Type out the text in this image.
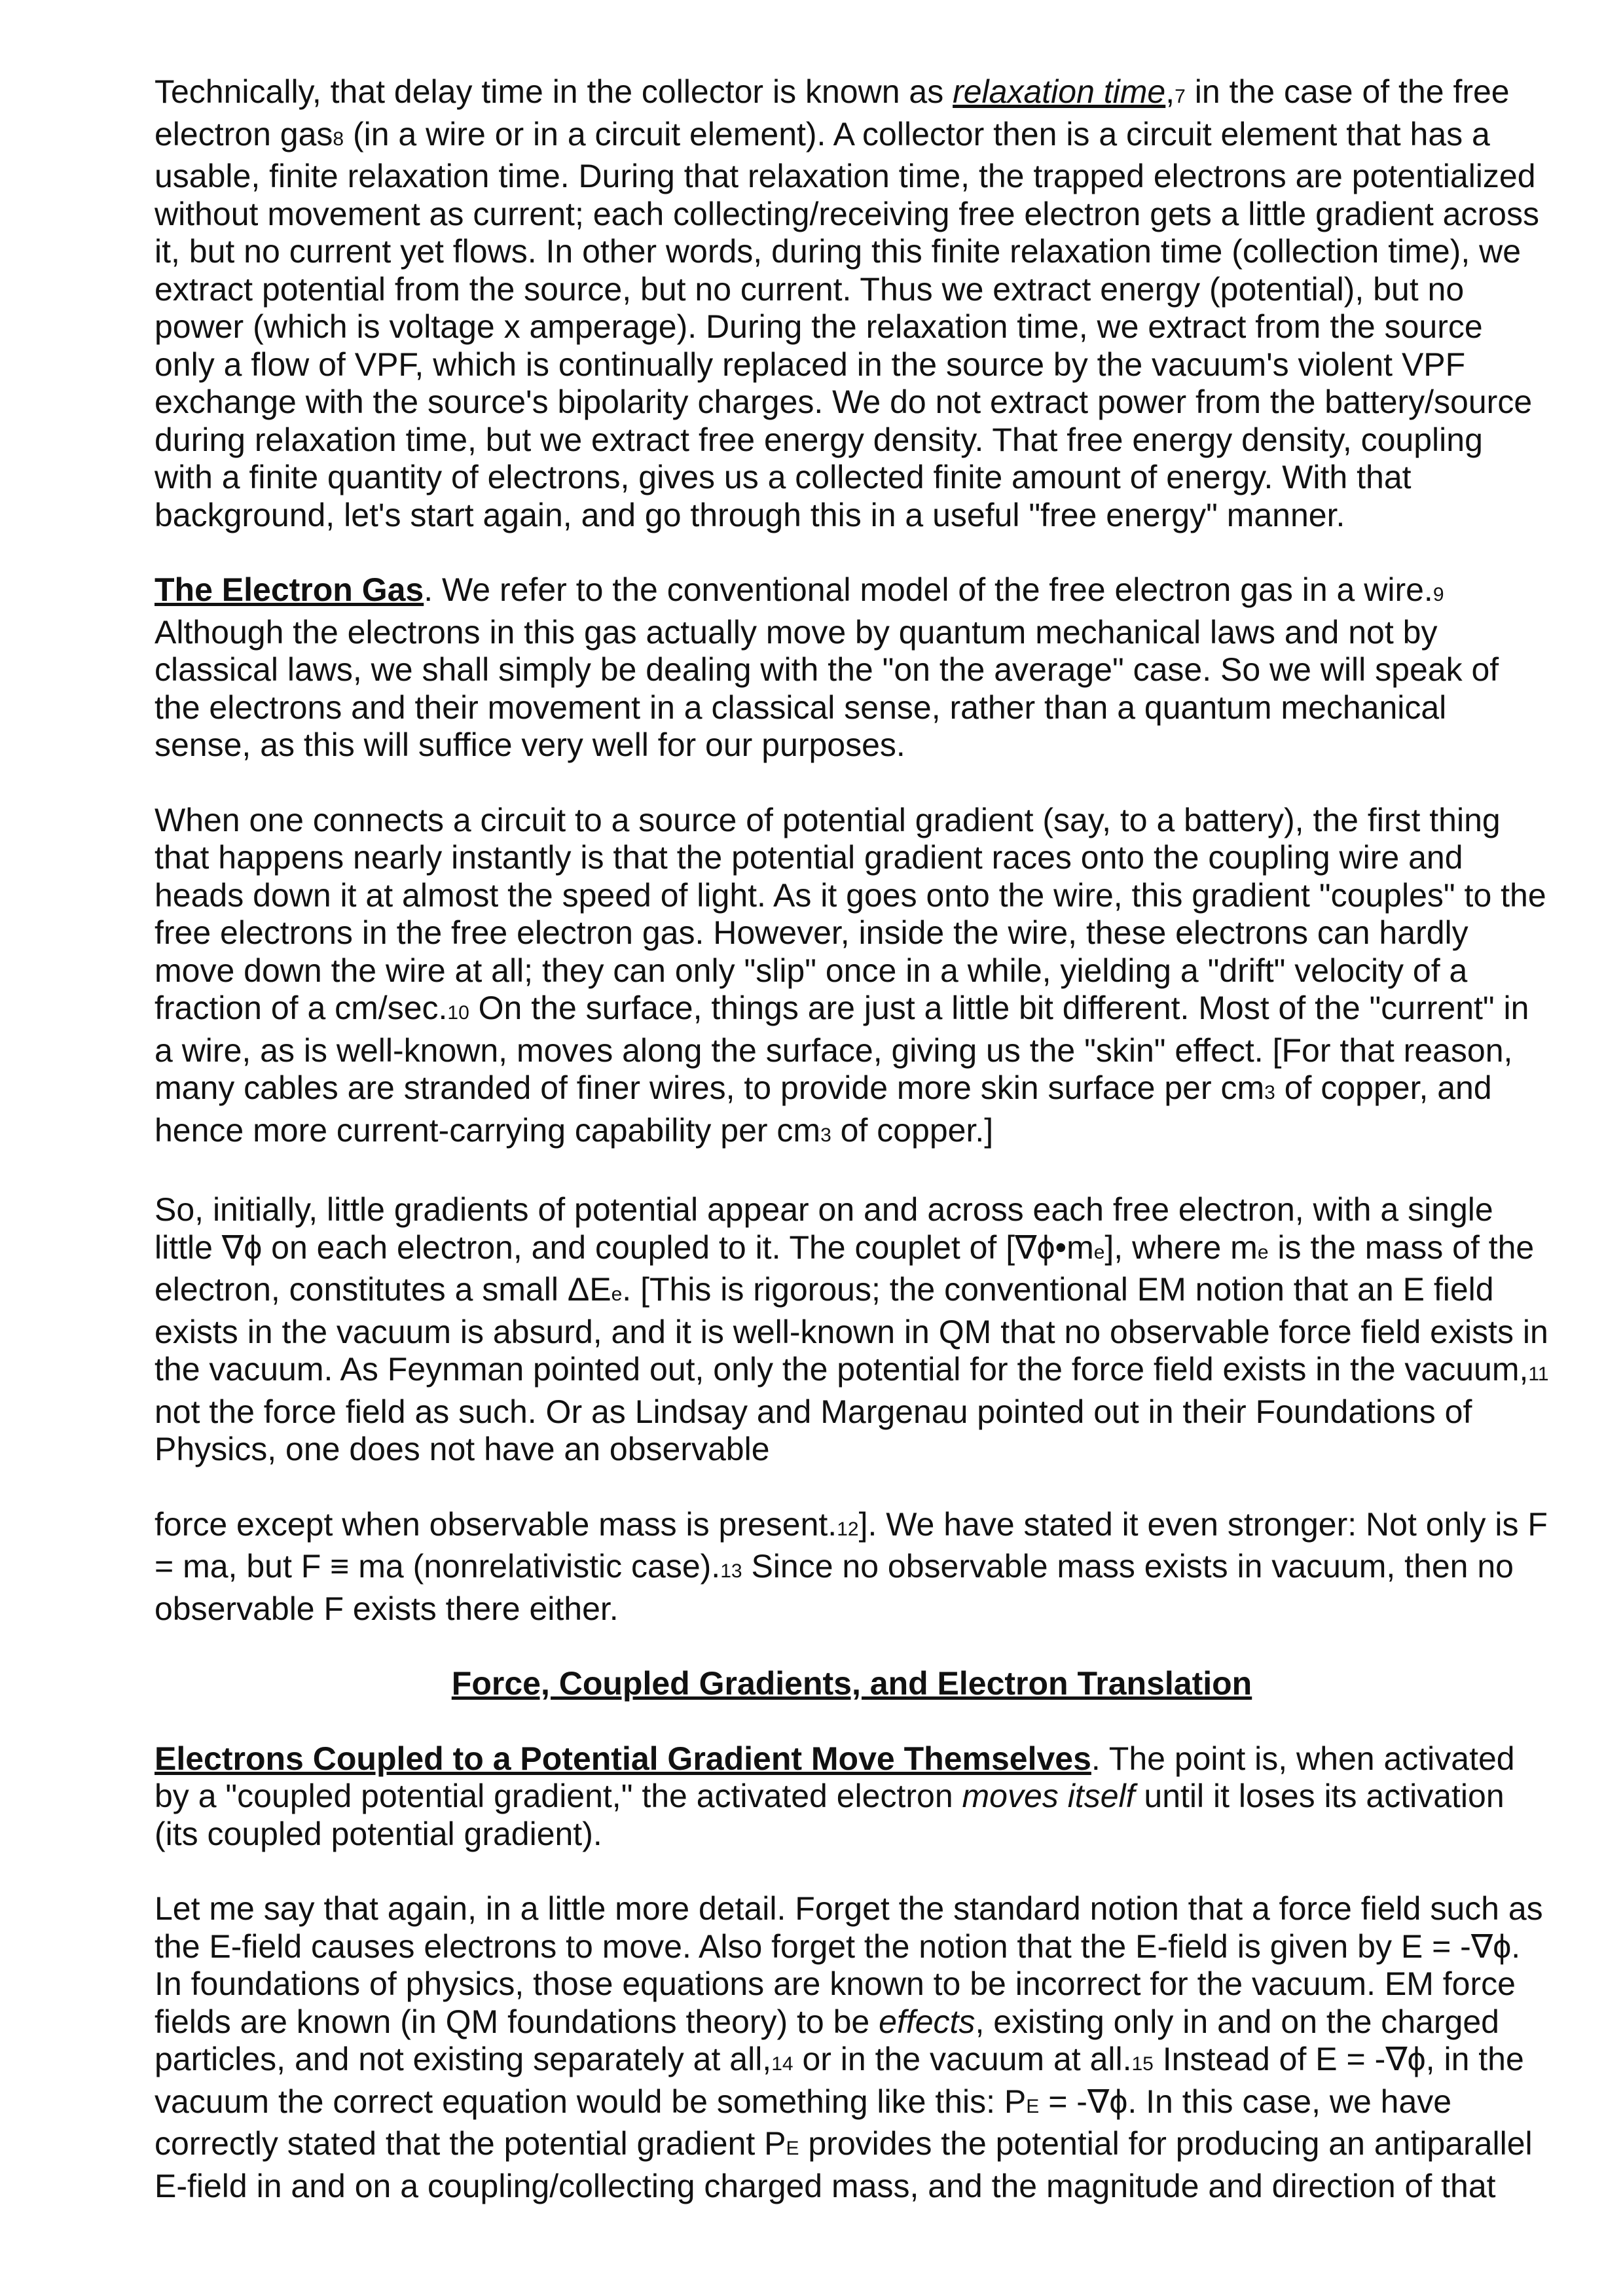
Technically, that delay time in the collector is known as relaxation time,7 in the case of the free electron gas8 (in a wire or in a circuit element). A collector then is a circuit element that has a usable, finite relaxation time. During that relaxation time, the trapped electrons are potentialized without movement as current; each collecting/receiving free electron gets a little gradient across it, but no current yet flows. In other words, during this finite relaxation time (collection time), we extract potential from the source, but no current. Thus we extract energy (potential), but no power (which is voltage x amperage). During the relaxation time, we extract from the source only a flow of VPF, which is continually replaced in the source by the vacuum's violent VPF exchange with the source's bipolarity charges. We do not extract power from the battery/source during relaxation time, but we extract free energy density. That free energy density, coupling with a finite quantity of electrons, gives us a collected finite amount of energy. With that background, let's start again, and go through this in a useful "free energy" manner.

The Electron Gas. We refer to the conventional model of the free electron gas in a wire.9 Although the electrons in this gas actually move by quantum mechanical laws and not by classical laws, we shall simply be dealing with the "on the average" case. So we will speak of the electrons and their movement in a classical sense, rather than a quantum mechanical sense, as this will suffice very well for our purposes.

When one connects a circuit to a source of potential gradient (say, to a battery), the first thing that happens nearly instantly is that the potential gradient races onto the coupling wire and heads down it at almost the speed of light. As it goes onto the wire, this gradient "couples" to the free electrons in the free electron gas. However, inside the wire, these electrons can hardly move down the wire at all; they can only "slip" once in a while, yielding a "drift" velocity of a fraction of a cm/sec.10 On the surface, things are just a little bit different. Most of the "current" in a wire, as is well-known, moves along the surface, giving us the "skin" effect. [For that reason, many cables are stranded of finer wires, to provide more skin surface per cm3 of copper, and hence more current-carrying capability per cm3 of copper.]

So, initially, little gradients of potential appear on and across each free electron, with a single little ∇ϕ on each electron, and coupled to it. The couplet of [∇ϕ•me], where me is the mass of the electron, constitutes a small ΔEe. [This is rigorous; the conventional EM notion that an E field exists in the vacuum is absurd, and it is well-known in QM that no observable force field exists in the vacuum. As Feynman pointed out, only the potential for the force field exists in the vacuum,11 not the force field as such. Or as Lindsay and Margenau pointed out in their Foundations of Physics, one does not have an observable

force except when observable mass is present.12]. We have stated it even stronger: Not only is F = ma, but F ≡ ma (nonrelativistic case).13 Since no observable mass exists in vacuum, then no observable F exists there either.

Force, Coupled Gradients, and Electron Translation

Electrons Coupled to a Potential Gradient Move Themselves. The point is, when activated by a "coupled potential gradient," the activated electron moves itself until it loses its activation (its coupled potential gradient).

Let me say that again, in a little more detail. Forget the standard notion that a force field such as the E-field causes electrons to move. Also forget the notion that the E-field is given by E = -∇ϕ. In foundations of physics, those equations are known to be incorrect for the vacuum. EM force fields are known (in QM foundations theory) to be effects, existing only in and on the charged particles, and not existing separately at all,14 or in the vacuum at all.15 Instead of E = -∇ϕ, in the vacuum the correct equation would be something like this: PE = -∇ϕ. In this case, we have correctly stated that the potential gradient PE provides the potential for producing an antiparallel E-field in and on a coupling/collecting charged mass, and the magnitude and direction of that
